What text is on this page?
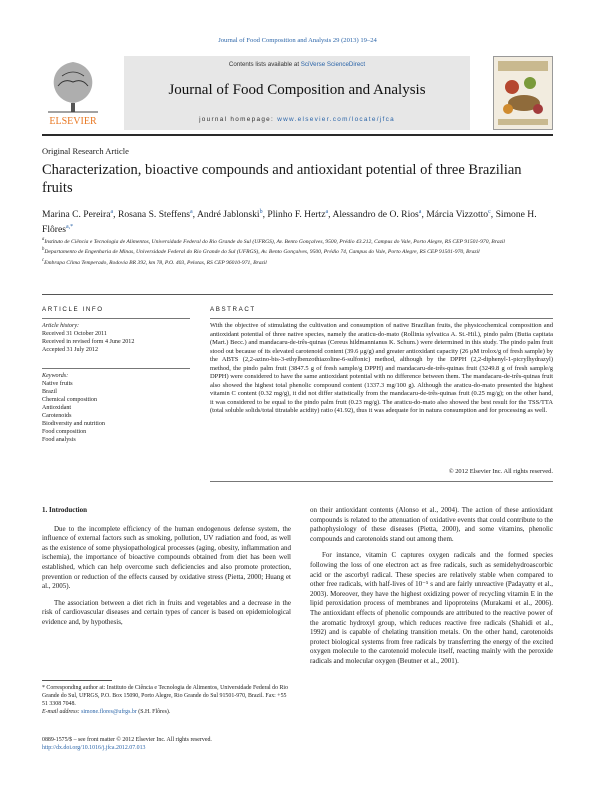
Journal of Food Composition and Analysis 29 (2013) 19–24
ELSEVIER
Contents lists available at SciVerse ScienceDirect
Journal of Food Composition and Analysis
journal homepage: www.elsevier.com/locate/jfca
Original Research Article
Characterization, bioactive compounds and antioxidant potential of three Brazilian fruits
Marina C. Pereira$^a$, Rosana S. Steffens$^a$, André Jablonski$^b$, Plinho F. Hertz$^a$, Alessandro de O. Rios$^a$, Márcia Vizzotto$^c$, Simone H. Flôres$^{a,*}$
$^a$Instituto de Ciência e Tecnologia de Alimentos, Universidade Federal do Rio Grande do Sul (UFRGS), Av. Bento Gonçalves, 9500, Prédio 43.212, Campus do Vale, Porto Alegre, RS CEP 91501-970, Brazil
$^b$Departamento de Engenharia de Minas, Universidade Federal do Rio Grande do Sul (UFRGS), Av. Bento Gonçalves, 9500, Prédio 74, Campus do Vale, Porto Alegre, RS CEP 91501-970, Brazil
$^c$Embrapa Clima Temperado, Rodovia BR 392, km 78, P.O. 403, Pelotas, RS CEP 96010-971, Brazil
ARTICLE INFO
Article history:
Received 31 October 2011
Received in revised form 4 June 2012
Accepted 31 July 2012
Keywords:
Native fruits
Brazil
Chemical composition
Antioxidant
Carotenoids
Biodiversity and nutrition
Food composition
Food analysis
ABSTRACT
With the objective of stimulating the cultivation and consumption of native Brazilian fruits, the physicochemical composition and antioxidant potential of three native species, namely the araticu-do-mato (Rollinia sylvatica A. St.-Hil.), pindo palm (Butia capitata (Mart.) Becc.) and mandacaru-de-três-quinas (Cereus hildmannianus K. Schum.) were determined in this study. The pindo palm fruit stood out because of its elevated carotenoid content (39.6 μg/g) and greater antioxidant capacity (26 μM trolox/g of fresh sample) by the ABTS (2,2-azino-bis-3-ethylbenzothiazoline-6-sulfonic) method, although by the DPPH (2,2-diphenyl-1-picrylhydrazyl) method, the pindo palm fruit (3847.5 g of fresh sample/g DPPH) and mandacaru-de-três-quinas fruit (3249.8 g of fresh sample/g DPPH) were considered to have the same antioxidant potential with no difference between them. The mandacaru-de-três-quinas fruit also showed the highest total phenolic compound content (1337.3 mg/100 g). Although the araticu-do-mato presented the highest vitamin C content (0.32 mg/g), it did not differ statistically from the mandacaru-de-três-quinas fruit (0.25 mg/g); on the other hand, it was considered to be equal to the pindo palm fruit (0.23 mg/g). The araticu-do-mato also showed the best result for the TSS/TTA (total soluble solids/total titratable acidity) ratio (41.92), thus it was adequate for in natura consumption and for processing as well.
© 2012 Elsevier Inc. All rights reserved.
1. Introduction

Due to the incomplete efficiency of the human endogenous defense system, the influence of external factors such as smoking, pollution, UV radiation and food, as well as the existence of some physiopathological processes (aging, obesity, inflammation and ischemia), the importance of bioactive compounds obtained from diet has been well established, which can help overcome such deficiencies and also promote protection, prevention or reduction of the effects caused by oxidative stress (Pietta, 2000; Huang et al., 2005).

The association between a diet rich in fruits and vegetables and a decrease in the risk of cardiovascular diseases and certain types of cancer is based on epidemiological evidence and, by hypothesis,

on their antioxidant contents (Alonso et al., 2004). The action of these antioxidant compounds is related to the attenuation of oxidative events that could contribute to the pathophysiology of these diseases (Pietta, 2000), and some vitamins, phenolic compounds and carotenoids stand out among them.

For instance, vitamin C captures oxygen radicals and the formed species following the loss of one electron act as free radicals, such as semidehydroascorbic acid or the ascorbyl radical. These species are relatively stable when compared to other free radicals, with half-lives of 10⁻⁵ s and are fairly unreactive (Padayatty et al., 2003). Moreover, they have the highest oxidizing power of recycling vitamin E in the lipid peroxidation process of membranes and lipoproteins (Murakami et al., 2006). The antioxidant effects of phenolic compounds are attributed to the reactive power of the aromatic hydroxyl group, which reduces reactive free radicals (Shahidi et al., 1992) and is capable of chelating transition metals. On the other hand, carotenoids protect biological systems from free radicals by transferring the energy of the excited oxygen molecule to the carotenoid molecule itself, reacting mainly with the peroxide radicals and molecular oxygen (Beutner et al., 2001).

* Corresponding author at: Instituto de Ciência e Tecnologia de Alimentos, Universidade Federal do Rio Grande do Sul, UFRGS, P.O. Box 15090, Porto Alegre, Rio Grande do Sul 91501-970, Brazil. Fax: +55 51 3308 7048.
E-mail address: simone.flores@ufrgs.br (S.H. Flôres).
0889-1575/$ – see front matter © 2012 Elsevier Inc. All rights reserved.
http://dx.doi.org/10.1016/j.jfca.2012.07.013
